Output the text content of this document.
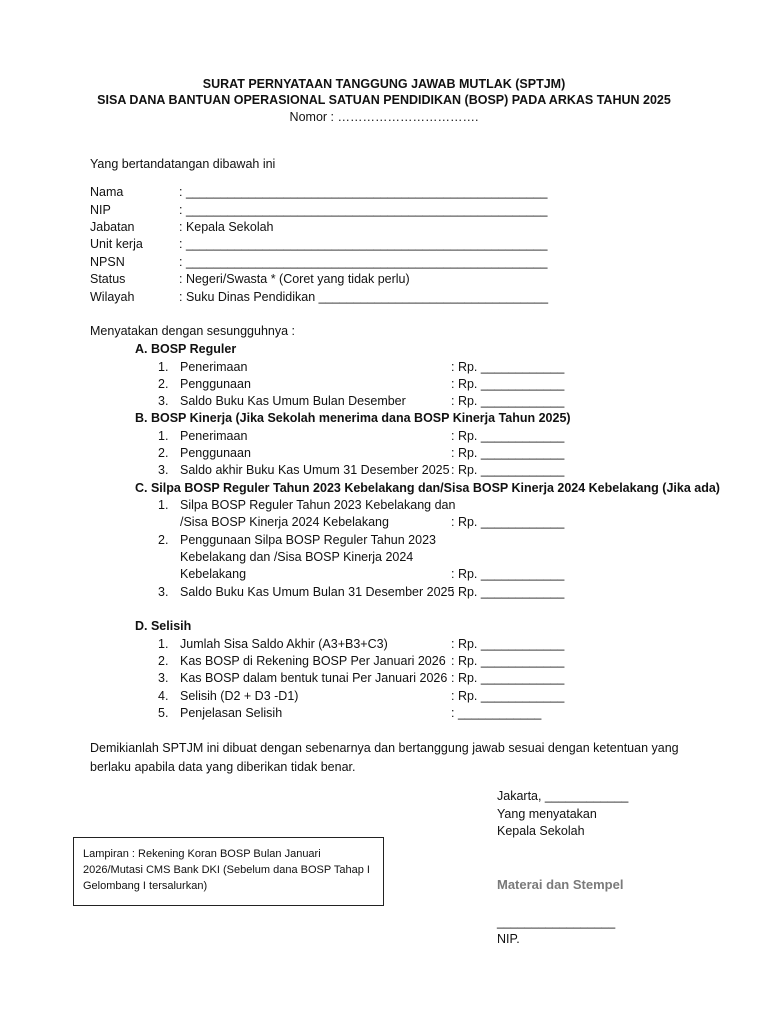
SURAT PERNYATAAN TANGGUNG JAWAB MUTLAK (SPTJM)
SISA DANA BANTUAN OPERASIONAL SATUAN PENDIDIKAN (BOSP) PADA ARKAS TAHUN 2025
Nomor : …………………………….
Yang bertandatangan dibawah ini
Nama	: ____________________________________________________
NIP	: ____________________________________________________
Jabatan	: Kepala Sekolah
Unit kerja	: ____________________________________________________
NPSN	: ____________________________________________________
Status	: Negeri/Swasta * (Coret yang tidak perlu)
Wilayah	: Suku Dinas Pendidikan _________________________________
Menyatakan dengan sesungguhnya :
A. BOSP Reguler
1. Penerimaan	: Rp. ____________
2. Penggunaan	: Rp. ____________
3. Saldo Buku Kas Umum Bulan Desember	: Rp. ____________
B. BOSP Kinerja (Jika Sekolah menerima dana BOSP Kinerja Tahun 2025)
1. Penerimaan	: Rp. ____________
2. Penggunaan	: Rp. ____________
3. Saldo akhir Buku Kas Umum 31 Desember 2025 : Rp. ____________
C. Silpa BOSP Reguler Tahun 2023 Kebelakang dan/Sisa BOSP Kinerja 2024 Kebelakang (Jika ada)
1. Silpa BOSP Reguler Tahun 2023 Kebelakang dan
/Sisa BOSP Kinerja 2024 Kebelakang	: Rp. ____________
2. Penggunaan Silpa BOSP Reguler Tahun 2023
Kebelakang dan /Sisa BOSP Kinerja 2024
Kebelakang	: Rp. ____________
3. Saldo Buku Kas Umum Bulan 31 Desember 2025
: Rp. ____________
D. Selisih
1. Jumlah Sisa Saldo Akhir (A3+B3+C3)	: Rp. ____________
2. Kas BOSP di Rekening BOSP Per Januari 2026 : Rp. ____________
3. Kas BOSP dalam bentuk tunai Per Januari 2026 : Rp. ____________
4. Selisih (D2 + D3 -D1)	: Rp. ____________
5. Penjelasan Selisih	: ____________
Demikianlah SPTJM ini dibuat dengan sebenarnya dan bertanggung jawab sesuai dengan ketentuan yang
berlaku apabila data yang diberikan tidak benar.
Jakarta, ____________
Yang menyatakan
Kepala Sekolah
Materai dan Stempel
_________________
NIP.
Lampiran : Rekening Koran BOSP Bulan Januari
2026/Mutasi CMS Bank DKI (Sebelum dana BOSP Tahap I
Gelombang I tersalurkan)
